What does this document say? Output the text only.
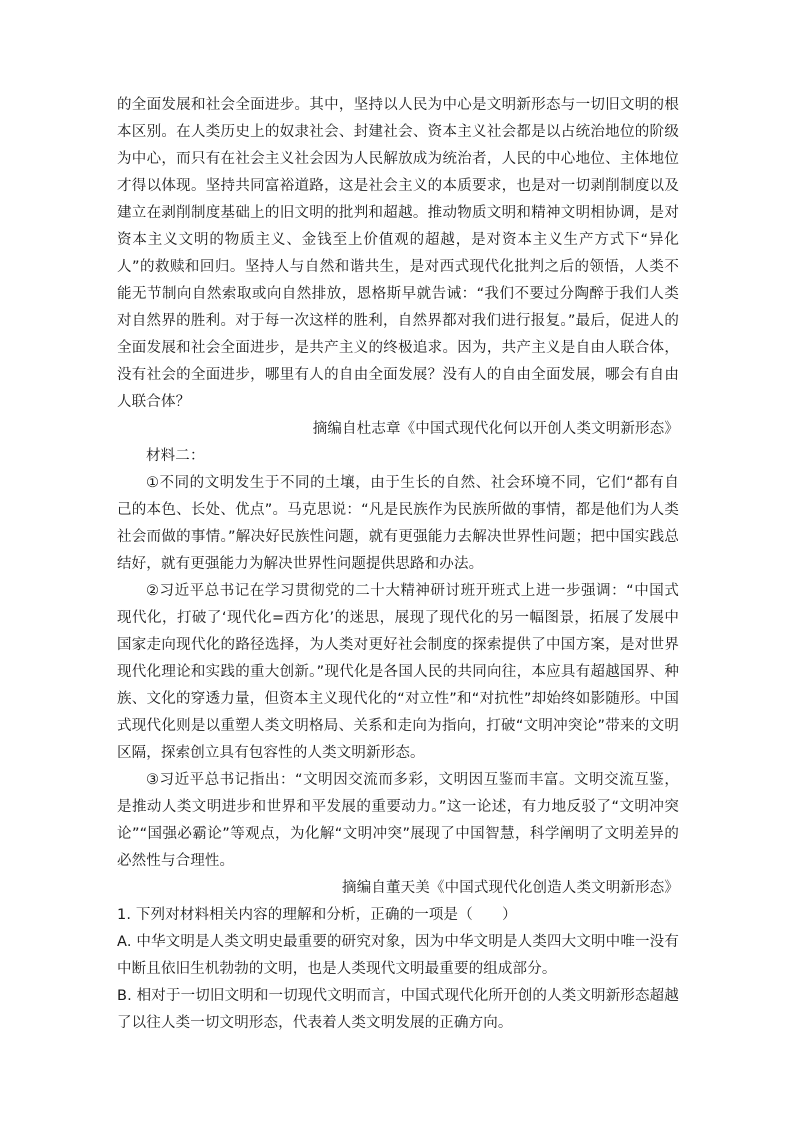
的全面发展和社会全面进步。其中，坚持以人民为中心是文明新形态与一切旧文明的根本区别。在人类历史上的奴隶社会、封建社会、资本主义社会都是以占统治地位的阶级为中心，而只有在社会主义社会因为人民解放成为统治者，人民的中心地位、主体地位才得以体现。坚持共同富裕道路，这是社会主义的本质要求，也是对一切剥削制度以及建立在剥削制度基础上的旧文明的批判和超越。推动物质文明和精神文明相协调，是对资本主义文明的物质主义、金钱至上价值观的超越，是对资本主义生产方式下“异化人”的救赎和回归。坚持人与自然和谐共生，是对西式现代化批判之后的领悟，人类不能无节制向自然索取或向自然排放，恩格斯早就告诫：“我们不要过分陶醉于我们人类对自然界的胜利。对于每一次这样的胜利，自然界都对我们进行报复。”最后，促进人的全面发展和社会全面进步，是共产主义的终极追求。因为，共产主义是自由人联合体，没有社会的全面进步，哪里有人的自由全面发展？没有人的自由全面发展，哪会有自由人联合体？

摘编自杜志章《中国式现代化何以开创人类文明新形态》

材料二：

①不同的文明发生于不同的土壤，由于生长的自然、社会环境不同，它们“都有自己的本色、长处、优点”。马克思说：“凡是民族作为民族所做的事情，都是他们为人类社会而做的事情。”解决好民族性问题，就有更强能力去解决世界性问题；把中国实践总结好，就有更强能力为解决世界性问题提供思路和办法。

②习近平总书记在学习贯彻党的二十大精神研讨班开班式上进一步强调：“中国式现代化，打破了‘现代化=西方化’的迷思，展现了现代化的另一幅图景，拓展了发展中国家走向现代化的路径选择，为人类对更好社会制度的探索提供了中国方案，是对世界现代化理论和实践的重大创新。”现代化是各国人民的共同向往，本应具有超越国界、种族、文化的穿透力量，但资本主义现代化的“对立性”和“对抗性”却始终如影随形。中国式现代化则是以重塑人类文明格局、关系和走向为指向，打破“文明冲突论”带来的文明区隔，探索创立具有包容性的人类文明新形态。

③习近平总书记指出：“文明因交流而多彩，文明因互鉴而丰富。文明交流互鉴，是推动人类文明进步和世界和平发展的重要动力。”这一论述，有力地反驳了“文明冲突论”“国强必霸论”等观点，为化解“文明冲突”展现了中国智慧，科学阐明了文明差异的必然性与合理性。

摘编自董天美《中国式现代化创造人类文明新形态》

1. 下列对材料相关内容的理解和分析，正确的一项是（　　）

A. 中华文明是人类文明史最重要的研究对象，因为中华文明是人类四大文明中唯一没有中断且依旧生机勃勃的文明，也是人类现代文明最重要的组成部分。

B. 相对于一切旧文明和一切现代文明而言，中国式现代化所开创的人类文明新形态超越了以往人类一切文明形态，代表着人类文明发展的正确方向。
